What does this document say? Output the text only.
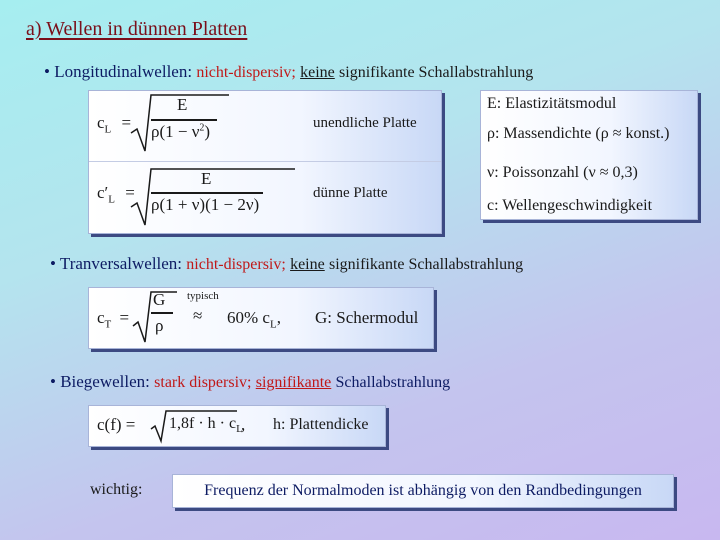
a) Wellen in dünnen Platten
• Longitudinalwellen: nicht-dispersiv; keine signifikante Schallabstrahlung
$c_L$ =
E
$\rho(1 - \nu^2)$	unendliche Platte
$c'_L$ =
E
ρ(1 + ν)(1 − 2ν)
dünne Platte
E: Elastizitätsmodul
ρ: Massendichte (ρ ≈ konst.)
ν: Poissonzahl (ν ≈ 0,3)
c: Wellengeschwindigkeit
• Tranversalwellen: nicht-dispersiv; keine signifikante Schallabstrahlung
$c_T$ =
G
ρ
typisch
≈ 60% $c_L$, G: Schermodul
• Biegewellen: stark dispersiv; signifikante Schallabstrahlung
$c(f) = 1,8f \cdot h \cdot c_L$
, h: Plattendicke
wichtig:	Frequenz der Normalmoden ist abhängig von den Randbedingungen
